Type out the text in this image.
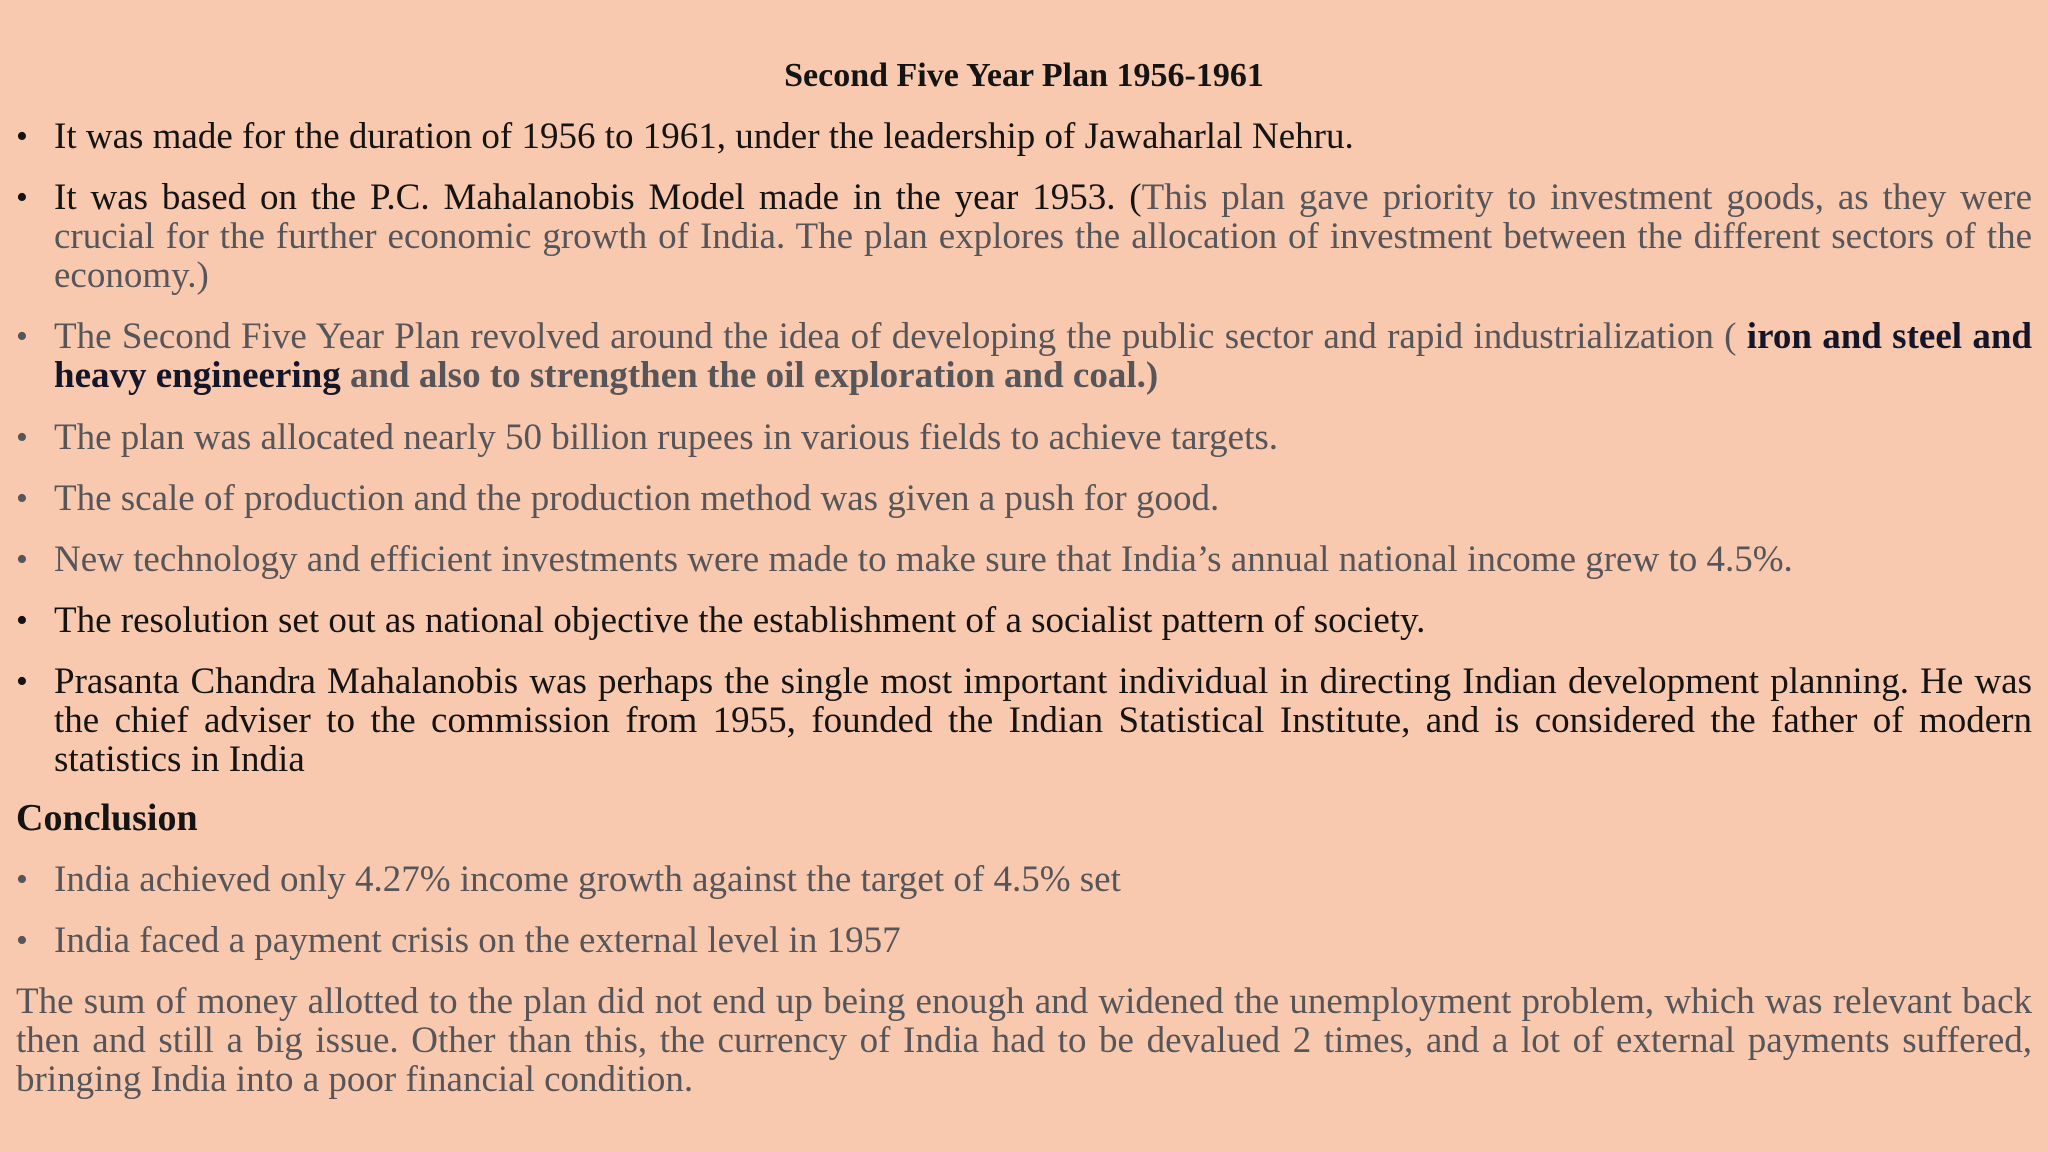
Second Five Year Plan 1956-1961
• It was made for the duration of 1956 to 1961, under the leadership of Jawaharlal Nehru.
• It was based on the P.C. Mahalanobis Model made in the year 1953. (This plan gave priority to investment goods, as they were crucial for the further economic growth of India. The plan explores the allocation of investment between the different sectors of the economy.)
• The Second Five Year Plan revolved around the idea of developing the public sector and rapid industrialization ( iron and steel and heavy engineering and also to strengthen the oil exploration and coal.)
• The plan was allocated nearly 50 billion rupees in various fields to achieve targets.
• The scale of production and the production method was given a push for good.
• New technology and efficient investments were made to make sure that India’s annual national income grew to 4.5%.
• The resolution set out as national objective the establishment of a socialist pattern of society.
• Prasanta Chandra Mahalanobis was perhaps the single most important individual in directing Indian development planning. He was the chief adviser to the commission from 1955, founded the Indian Statistical Institute, and is considered the father of modern statistics in India
Conclusion
• India achieved only 4.27% income growth against the target of 4.5% set
• India faced a payment crisis on the external level in 1957
The sum of money allotted to the plan did not end up being enough and widened the unemployment problem, which was relevant back then and still a big issue. Other than this, the currency of India had to be devalued 2 times, and a lot of external payments suffered, bringing India into a poor financial condition.
